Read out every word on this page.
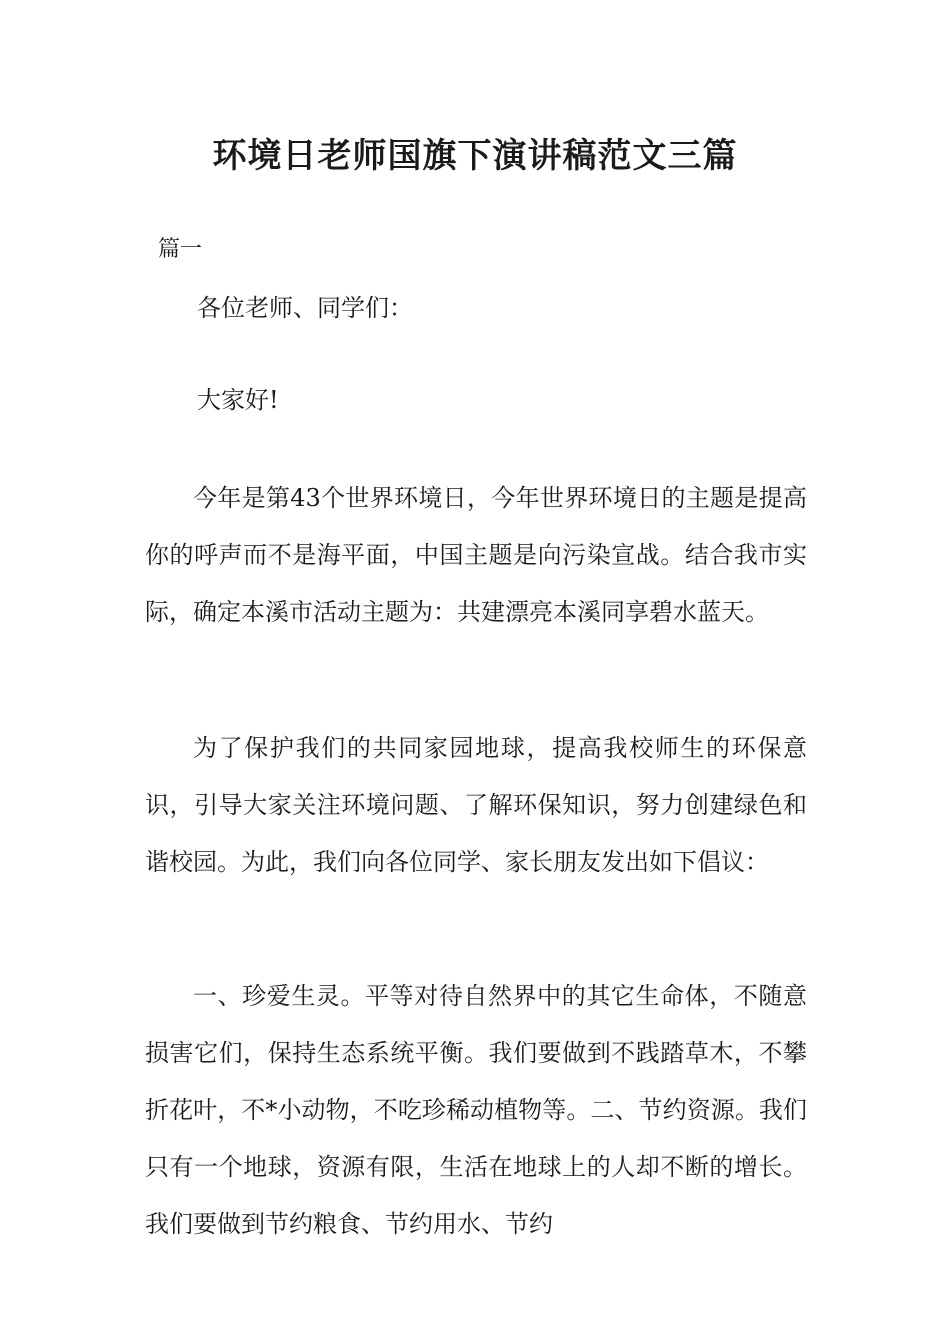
环境日老师国旗下演讲稿范文三篇
篇一
各位老师、同学们：
大家好!
今年是第43个世界环境日，今年世界环境日的主题是提高你的呼声而不是海平面，中国主题是向污染宣战。结合我市实际，确定本溪市活动主题为：共建漂亮本溪同享碧水蓝天。
为了保护我们的共同家园地球，提高我校师生的环保意识，引导大家关注环境问题、了解环保知识，努力创建绿色和谐校园。为此，我们向各位同学、家长朋友发出如下倡议：
一、珍爱生灵。平等对待自然界中的其它生命体，不随意损害它们，保持生态系统平衡。我们要做到不践踏草木，不攀折花叶，不*小动物，不吃珍稀动植物等。二、节约资源。我们只有一个地球，资源有限，生活在地球上的人却不断的增长。我们要做到节约粮食、节约用水、节约
